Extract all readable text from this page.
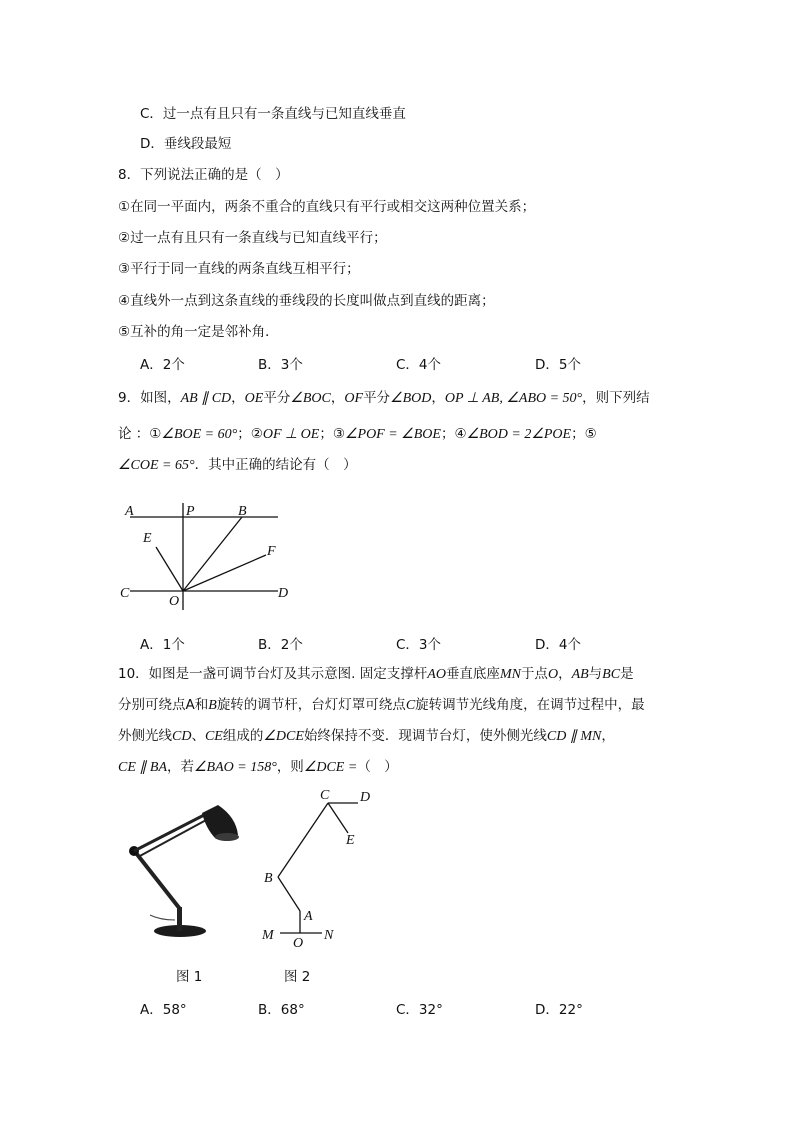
C．过一点有且只有一条直线与已知直线垂直
D．垂线段最短
8．下列说法正确的是（　）
①在同一平面内，两条不重合的直线只有平行或相交这两种位置关系；
②过一点有且只有一条直线与已知直线平行；
③平行于同一直线的两条直线互相平行；
④直线外一点到这条直线的垂线段的长度叫做点到直线的距离；
⑤互补的角一定是邻补角．
A．2个	B．3个	C．4个	D．5个
9．如图，AB ∥ CD，OE平分∠BOC，OF平分∠BOD，OP ⊥ AB, ∠ABO = 50°，则下列结
论 ：①∠BOE = 60°；②OF ⊥ OE；③∠POF = ∠BOE；④∠BOD = 2∠POE；⑤
∠COE = 65°．其中正确的结论有（　）
A	P	B
E
F
C
O
D
A．1个	B．2个	C．3个	D．4个
10．如图是一盏可调节台灯及其示意图. 固定支撑杆AO垂直底座MN于点O，AB与BC是
分别可绕点A和B旋转的调节杆，台灯灯罩可绕点C旋转调节光线角度，在调节过程中，最
外侧光线CD、CE组成的∠DCE始终保持不变．现调节台灯，使外侧光线CD ∥ MN，
CE ∥ BA，若∠BAO = 158°，则∠DCE =（　）
C D
E
B
A
M
O
N
图 1	图 2
A．58°	B．68°	C．32°	D．22°
